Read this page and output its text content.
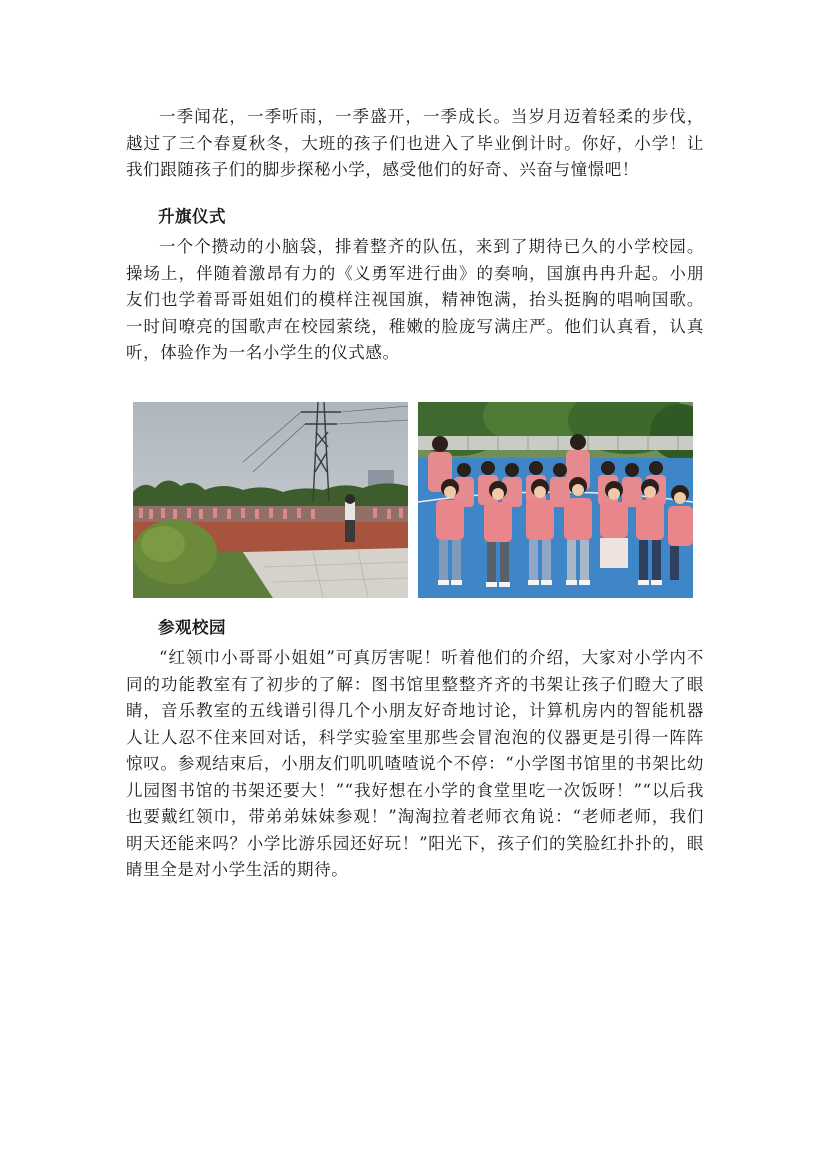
一季闻花，一季听雨，一季盛开，一季成长。当岁月迈着轻柔的步伐，越过了三个春夏秋冬，大班的孩子们也进入了毕业倒计时。你好，小学！让我们跟随孩子们的脚步探秘小学，感受他们的好奇、兴奋与憧憬吧！

升旗仪式

一个个攒动的小脑袋，排着整齐的队伍，来到了期待已久的小学校园。操场上，伴随着激昂有力的《义勇军进行曲》的奏响，国旗冉冉升起。小朋友们也学着哥哥姐姐们的模样注视国旗，精神饱满，抬头挺胸的唱响国歌。一时间嘹亮的国歌声在校园萦绕，稚嫩的脸庞写满庄严。他们认真看，认真听，体验作为一名小学生的仪式感。

参观校园

“红领巾小哥哥小姐姐”可真厉害呢！听着他们的介绍，大家对小学内不同的功能教室有了初步的了解：图书馆里整整齐齐的书架让孩子们瞪大了眼睛，音乐教室的五线谱引得几个小朋友好奇地讨论，计算机房内的智能机器人让人忍不住来回对话，科学实验室里那些会冒泡泡的仪器更是引得一阵阵惊叹。参观结束后，小朋友们叽叽喳喳说个不停：“小学图书馆里的书架比幼儿园图书馆的书架还要大！”“我好想在小学的食堂里吃一次饭呀！”“以后我也要戴红领巾，带弟弟妹妹参观！”淘淘拉着老师衣角说：“老师老师，我们明天还能来吗？小学比游乐园还好玩！”阳光下，孩子们的笑脸红扑扑的，眼睛里全是对小学生活的期待。
